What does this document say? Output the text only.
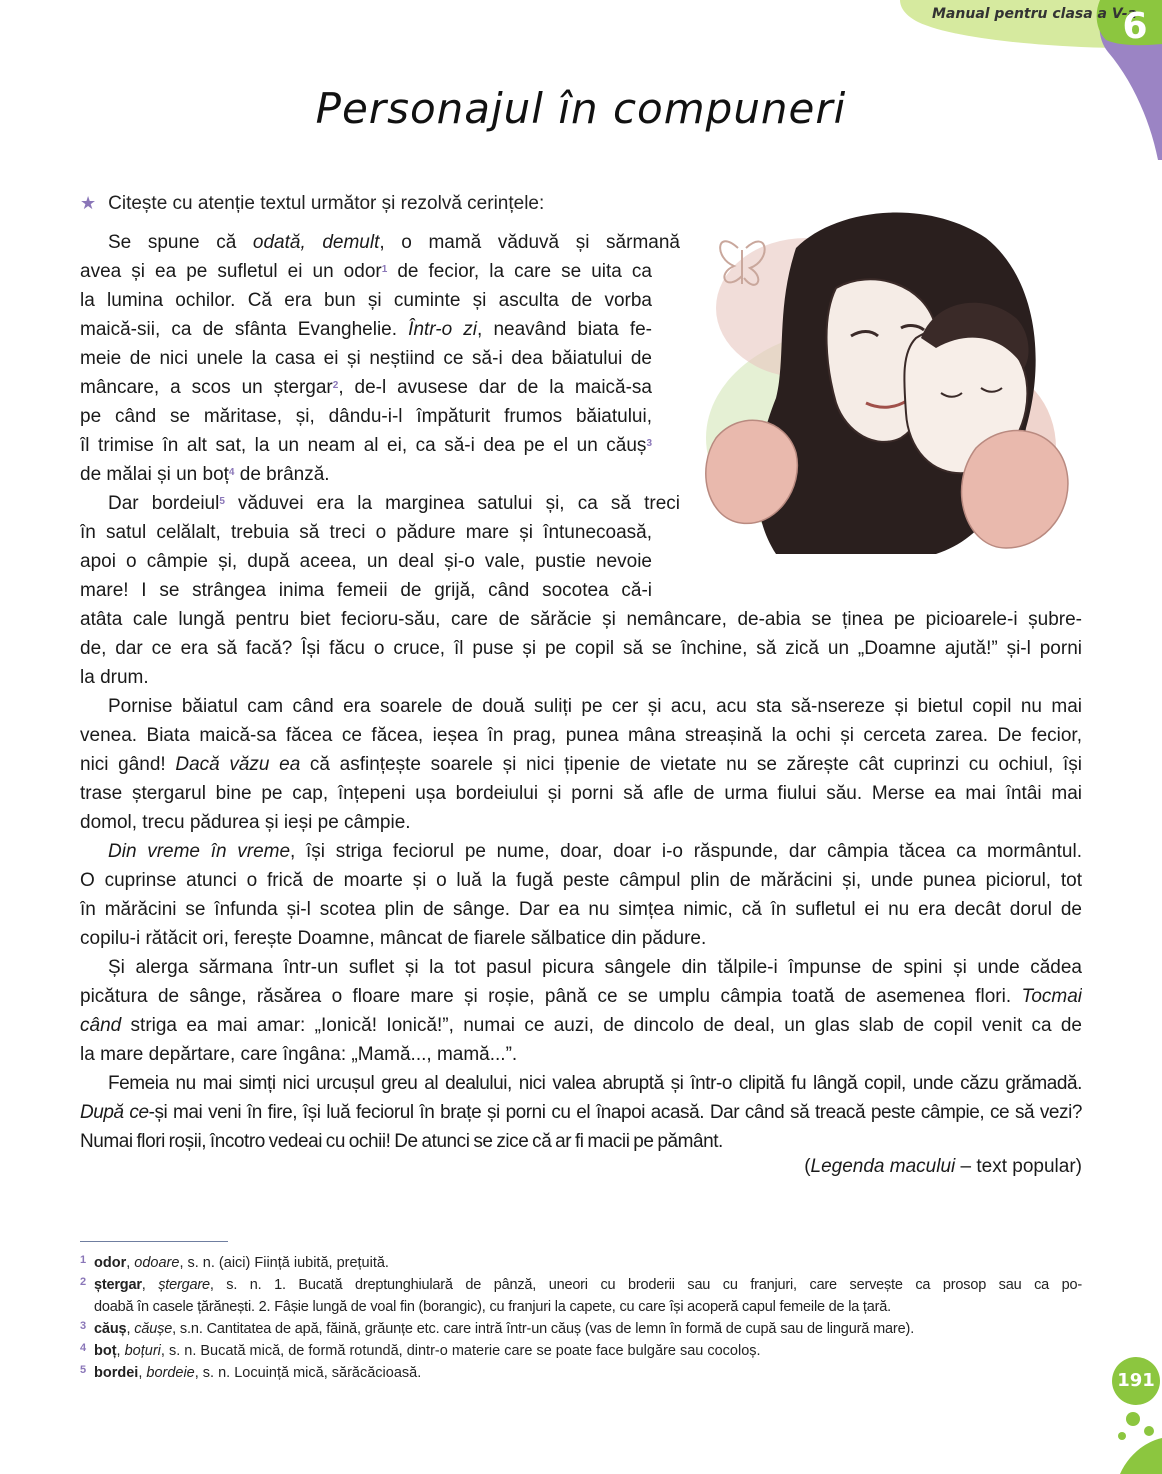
Manual pentru clasa a V-a
6
Personajul în compuneri
★ Citește cu atenție textul următor și rezolvă cerințele:
Se spune că odată, demult, o mamă văduvă și sărmană
avea și ea pe sufletul ei un odor$^1$ de fecior, la care se uita ca
la lumina ochilor. Că era bun și cuminte și asculta de vorba
maică-sii, ca de sfânta Evanghelie. Într-o zi, neavând biata fe-
meie de nici unele la casa ei și neștiind ce să-i dea băiatului de
mâncare, a scos un ștergar$^2$, de-l avusese dar de la maică-sa
pe când se măritase, și, dându-i-l împăturit frumos băiatului,
îl trimise în alt sat, la un neam al ei, ca să-i dea pe el un căuș$^3$
de mălai și un boț$^4$ de brânză.
Dar bordeiul$^5$ văduvei era la marginea satului și, ca să treci
în satul celălalt, trebuia să treci o pădure mare și întunecoasă,
apoi o câmpie și, după aceea, un deal și-o vale, pustie nevoie
mare! I se strângea inima femeii de grijă, când socotea că-i
atâta cale lungă pentru biet fecioru-său, care de sărăcie și nemâncare, de-abia se ținea pe picioarele-i șubre-
de, dar ce era să facă? Își făcu o cruce, îl puse și pe copil să se închine, să zică un „Doamne ajută!” și-l porni
la drum.
Pornise băiatul cam când era soarele de două suliți pe cer și acu, acu sta să-nsereze și bietul copil nu mai
venea. Biata maică-sa făcea ce făcea, ieșea în prag, punea mâna streașină la ochi și cerceta zarea. De fecior,
nici gând! Dacă văzu ea că asfințește soarele și nici țipenie de vietate nu se zărește cât cuprinzi cu ochiul, își
trase ștergarul bine pe cap, înțepeni ușa bordeiului și porni să afle de urma fiului său. Merse ea mai întâi mai
domol, trecu pădurea și ieși pe câmpie.
Din vreme în vreme, își striga feciorul pe nume, doar, doar i-o răspunde, dar câmpia tăcea ca mormântul.
O cuprinse atunci o frică de moarte și o luă la fugă peste câmpul plin de mărăcini și, unde punea piciorul, tot
în mărăcini se înfunda și-l scotea plin de sânge. Dar ea nu simțea nimic, că în sufletul ei nu era decât dorul de
copilu-i rătăcit ori, ferește Doamne, mâncat de fiarele sălbatice din pădure.
Și alerga sărmana într-un suflet și la tot pasul picura sângele din tălpile-i împunse de spini și unde cădea
picătura de sânge, răsărea o floare mare și roșie, până ce se umplu câmpia toată de asemenea flori. Tocmai
când striga ea mai amar: „Ionică! Ionică!”, numai ce auzi, de dincolo de deal, un glas slab de copil venit ca de
la mare depărtare, care îngâna: „Mamă..., mamă...”.
Femeia nu mai simți nici urcușul greu al dealului, nici valea abruptă și într-o clipită fu lângă copil, unde căzu grămadă.
După ce-și mai veni în fire, își luă feciorul în brațe și porni cu el înapoi acasă. Dar când să treacă peste câmpie, ce să vezi?
Numai flori roșii, încotro vedeai cu ochii! De atunci se zice că ar fi macii pe pământ.
(Legenda macului – text popular)
1 odor, odoare, s. n. (aici) Ființă iubită, prețuită.
2 ștergar, ștergare, s. n. 1. Bucată dreptunghiulară de pânză, uneori cu broderii sau cu franjuri, care servește ca prosop sau ca po-
doabă în casele țărănești. 2. Fâșie lungă de voal fin (borangic), cu franjuri la capete, cu care își acoperă capul femeile de la țară.
3 căuș, căușe, s.n. Cantitatea de apă, făină, grăunțe etc. care intră într-un căuș (vas de lemn în formă de cupă sau de lingură mare).
4 boț, boțuri, s. n. Bucată mică, de formă rotundă, dintr-o materie care se poate face bulgăre sau cocoloș.
5 bordei, bordeie, s. n. Locuință mică, sărăcăcioasă.	191
